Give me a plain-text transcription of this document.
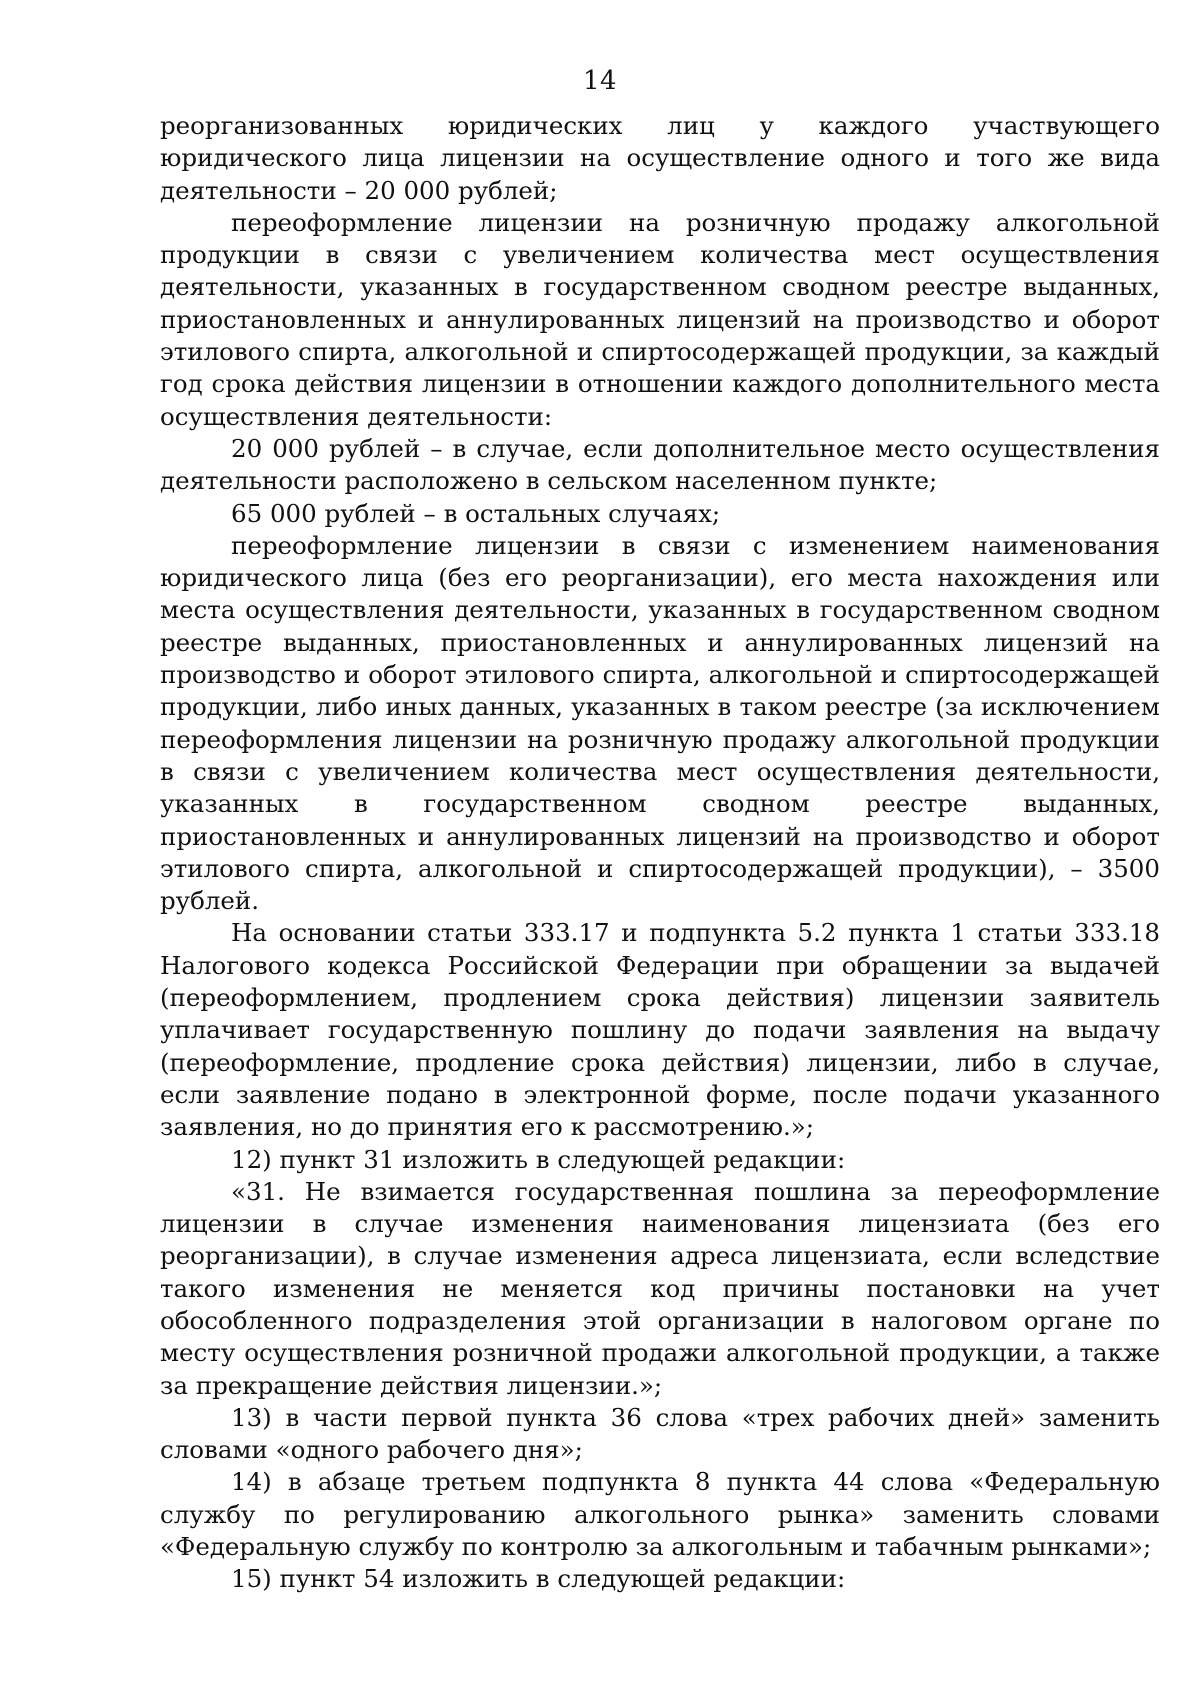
14

реорганизованных юридических лиц у каждого участвующего юридического лица лицензии на осуществление одного и того же вида деятельности – 20 000 рублей;

переоформление лицензии на розничную продажу алкогольной продукции в связи с увеличением количества мест осуществления деятельности, указанных в государственном сводном реестре выданных, приостановленных и аннулированных лицензий на производство и оборот этилового спирта, алкогольной и спиртосодержащей продукции, за каждый год срока действия лицензии в отношении каждого дополнительного места осуществления деятельности:

20 000 рублей – в случае, если дополнительное место осуществления деятельности расположено в сельском населенном пункте;

65 000 рублей – в остальных случаях;

переоформление лицензии в связи с изменением наименования юридического лица (без его реорганизации), его места нахождения или места осуществления деятельности, указанных в государственном сводном реестре выданных, приостановленных и аннулированных лицензий на производство и оборот этилового спирта, алкогольной и спиртосодержащей продукции, либо иных данных, указанных в таком реестре (за исключением переоформления лицензии на розничную продажу алкогольной продукции в связи с увеличением количества мест осуществления деятельности, указанных в государственном сводном реестре выданных, приостановленных и аннулированных лицензий на производство и оборот этилового спирта, алкогольной и спиртосодержащей продукции), – 3500 рублей.

На основании статьи 333.17 и подпункта 5.2 пункта 1 статьи 333.18 Налогового кодекса Российской Федерации при обращении за выдачей (переоформлением, продлением срока действия) лицензии заявитель уплачивает государственную пошлину до подачи заявления на выдачу (переоформление, продление срока действия) лицензии, либо в случае, если заявление подано в электронной форме, после подачи указанного заявления, но до принятия его к рассмотрению.»;

12) пункт 31 изложить в следующей редакции:

«31. Не взимается государственная пошлина за переоформление лицензии в случае изменения наименования лицензиата (без его реорганизации), в случае изменения адреса лицензиата, если вследствие такого изменения не меняется код причины постановки на учет обособленного подразделения этой организации в налоговом органе по месту осуществления розничной продажи алкогольной продукции, а также за прекращение действия лицензии.»;

13) в части первой пункта 36 слова «трех рабочих дней» заменить словами «одного рабочего дня»;

14) в абзаце третьем подпункта 8 пункта 44 слова «Федеральную службу по регулированию алкогольного рынка» заменить словами «Федеральную службу по контролю за алкогольным и табачным рынками»;

15) пункт 54 изложить в следующей редакции:
